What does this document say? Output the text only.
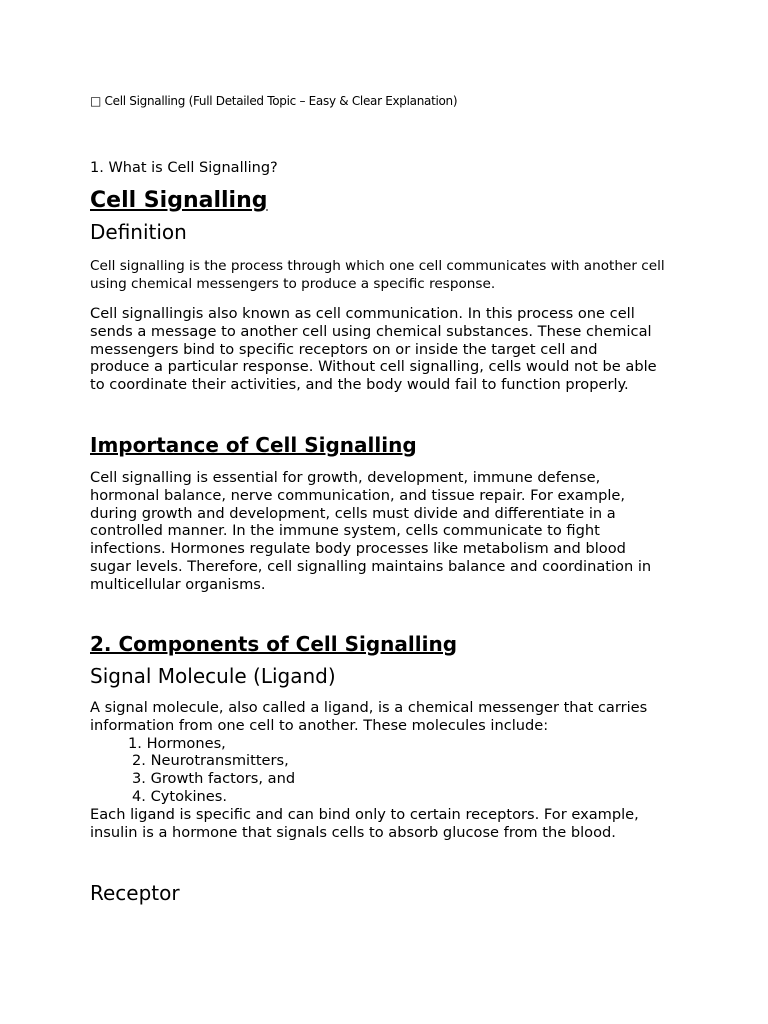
□ Cell Signalling (Full Detailed Topic – Easy & Clear Explanation)
1. What is Cell Signalling?
Cell Signalling
Definition
Cell signalling is the process through which one cell communicates with another cell
using chemical messengers to produce a specific response.
Cell signallingis also known as cell communication. In this process one cell
sends a message to another cell using chemical substances. These chemical
messengers bind to specific receptors on or inside the target cell and
produce a particular response. Without cell signalling, cells would not be able
to coordinate their activities, and the body would fail to function properly.
Importance of Cell Signalling
Cell signalling is essential for growth, development, immune defense,
hormonal balance, nerve communication, and tissue repair. For example,
during growth and development, cells must divide and differentiate in a
controlled manner. In the immune system, cells communicate to fight
infections. Hormones regulate body processes like metabolism and blood
sugar levels. Therefore, cell signalling maintains balance and coordination in
multicellular organisms.
2. Components of Cell Signalling
Signal Molecule (Ligand)
A signal molecule, also called a ligand, is a chemical messenger that carries
information from one cell to another. These molecules include:
1. Hormones,
2. Neurotransmitters,
3. Growth factors, and
4. Cytokines.
Each ligand is specific and can bind only to certain receptors. For example,
insulin is a hormone that signals cells to absorb glucose from the blood.
Receptor
